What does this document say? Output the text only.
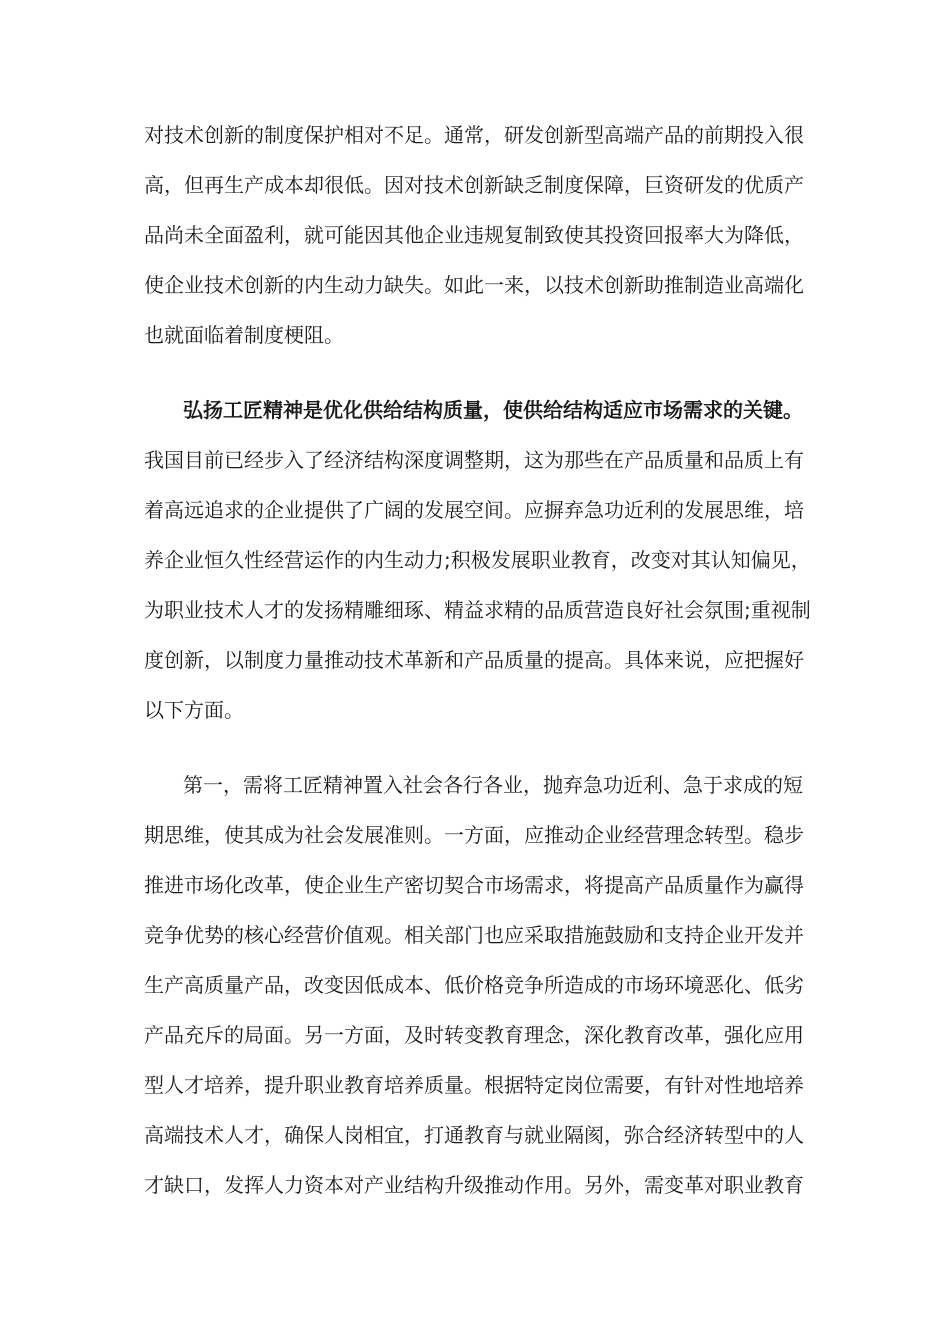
对技术创新的制度保护相对不足。通常，研发创新型高端产品的前期投入很
高，但再生产成本却很低。因对技术创新缺乏制度保障，巨资研发的优质产
品尚未全面盈利，就可能因其他企业违规复制致使其投资回报率大为降低，
使企业技术创新的内生动力缺失。如此一来，以技术创新助推制造业高端化
也就面临着制度梗阻。
弘扬工匠精神是优化供给结构质量，使供给结构适应市场需求的关键。
我国目前已经步入了经济结构深度调整期，这为那些在产品质量和品质上有
着高远追求的企业提供了广阔的发展空间。应摒弃急功近利的发展思维，培
养企业恒久性经营运作的内生动力;积极发展职业教育，改变对其认知偏见，
为职业技术人才的发扬精雕细琢、精益求精的品质营造良好社会氛围;重视制
度创新，以制度力量推动技术革新和产品质量的提高。具体来说，应把握好
以下方面。
第一，需将工匠精神置入社会各行各业，抛弃急功近利、急于求成的短
期思维，使其成为社会发展准则。一方面，应推动企业经营理念转型。稳步
推进市场化改革，使企业生产密切契合市场需求，将提高产品质量作为赢得
竞争优势的核心经营价值观。相关部门也应采取措施鼓励和支持企业开发并
生产高质量产品，改变因低成本、低价格竞争所造成的市场环境恶化、低劣
产品充斥的局面。另一方面，及时转变教育理念，深化教育改革，强化应用
型人才培养，提升职业教育培养质量。根据特定岗位需要，有针对性地培养
高端技术人才，确保人岗相宜，打通教育与就业隔阂，弥合经济转型中的人
才缺口，发挥人力资本对产业结构升级推动作用。另外，需变革对职业教育
